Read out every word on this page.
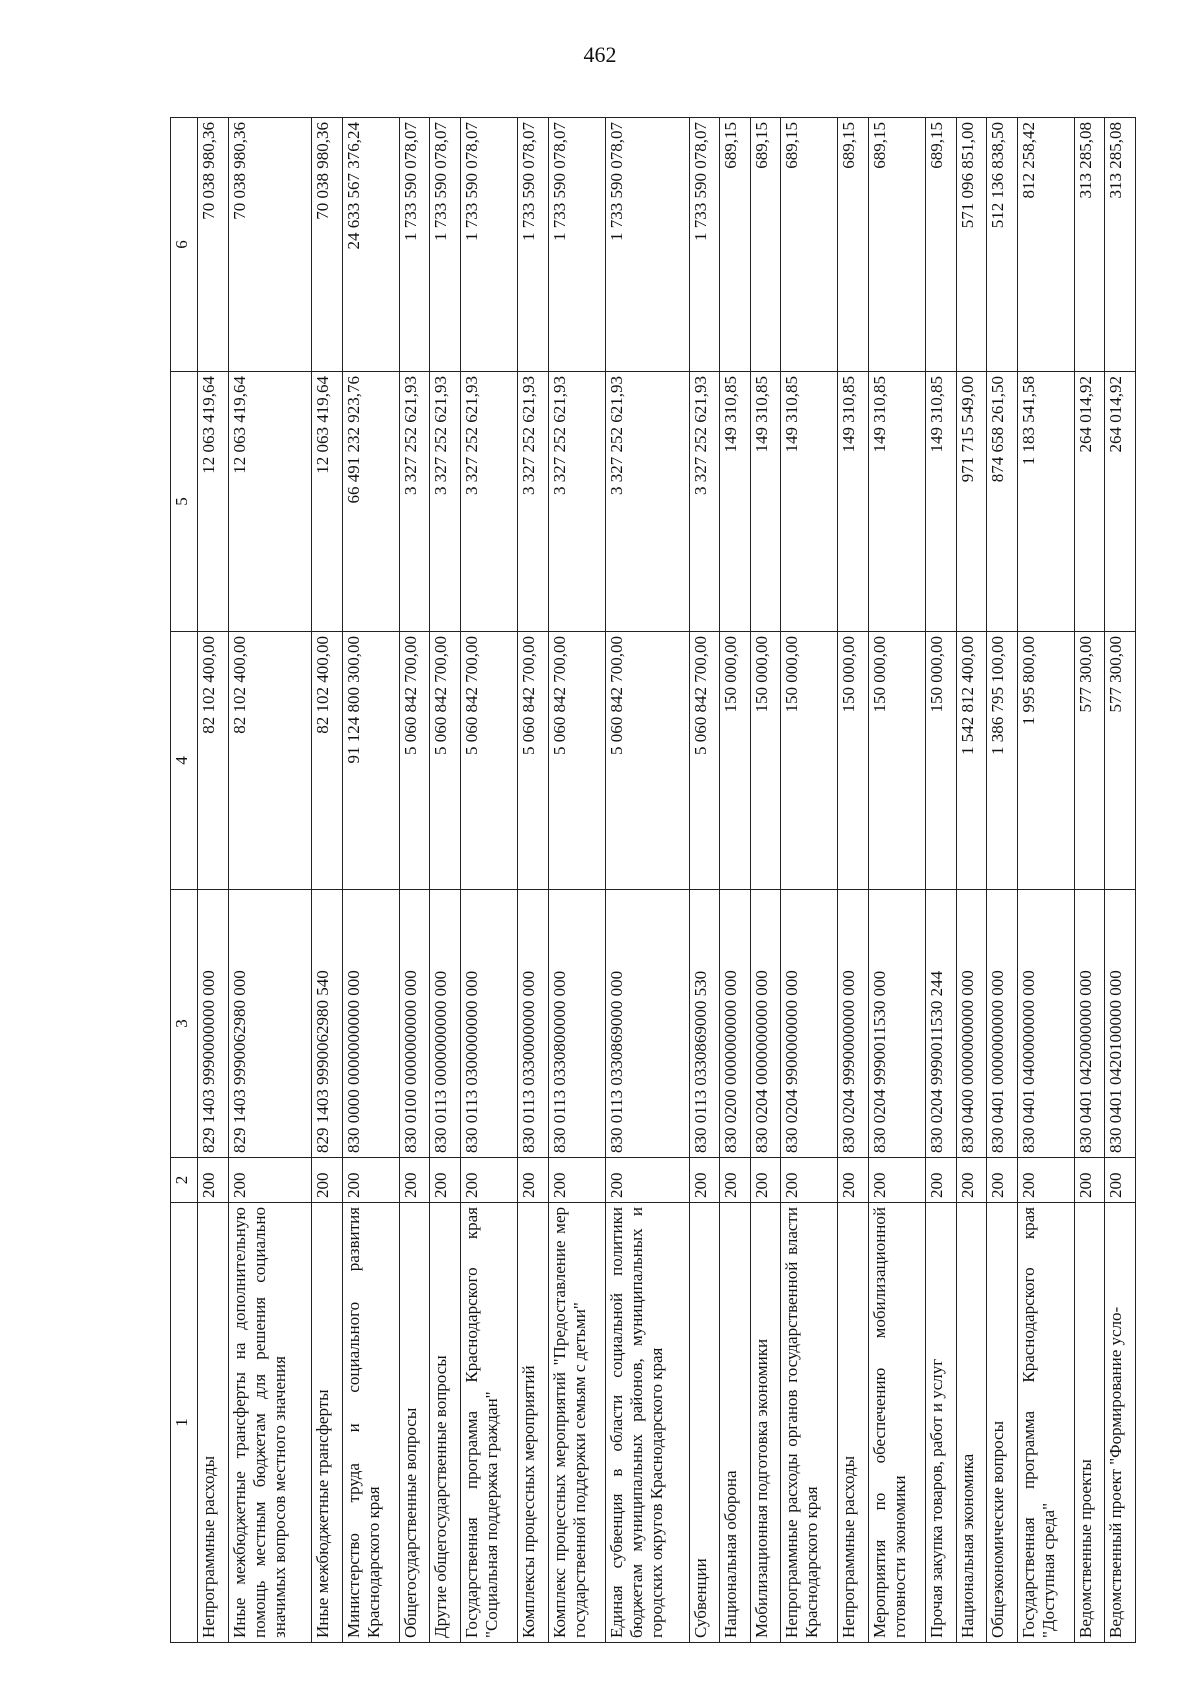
462
1	2	3	4	5	6
Непрограммные расходы	200	829 1403 9990000000 000	82 102 400,00	12 063 419,64	70 038 980,36
Иные межбюджетные трансферты на дополнительную помощь местным бюджетам для решения социально значимых вопросов местного значения	200	829 1403 9990062980 000	82 102 400,00	12 063 419,64	70 038 980,36
Иные межбюджетные трансферты	200	829 1403 9990062980 540	82 102 400,00	12 063 419,64	70 038 980,36
Министерство труда и социального развития Краснодарского края	200	830 0000 0000000000 000	91 124 800 300,00	66 491 232 923,76	24 633 567 376,24
Общегосударственные вопросы	200	830 0100 0000000000 000	5 060 842 700,00	3 327 252 621,93	1 733 590 078,07
Другие общегосударственные вопросы	200	830 0113 0000000000 000	5 060 842 700,00	3 327 252 621,93	1 733 590 078,07
Государственная программа Краснодарского края "Социальная поддержка граждан"	200	830 0113 0300000000 000	5 060 842 700,00	3 327 252 621,93	1 733 590 078,07
Комплексы процессных мероприятий	200	830 0113 0330000000 000	5 060 842 700,00	3 327 252 621,93	1 733 590 078,07
Комплекс процессных мероприятий "Предоставление мер государственной поддержки семьям с детьми"	200	830 0113 0330800000 000	5 060 842 700,00	3 327 252 621,93	1 733 590 078,07
Единая субвенция в области социальной политики бюджетам муниципальных районов, муниципальных и городских округов Краснодарского края	200	830 0113 0330869000 000	5 060 842 700,00	3 327 252 621,93	1 733 590 078,07
Субвенции	200	830 0113 0330869000 530	5 060 842 700,00	3 327 252 621,93	1 733 590 078,07
Национальная оборона	200	830 0200 0000000000 000	150 000,00	149 310,85	689,15
Мобилизационная подготовка экономики	200	830 0204 0000000000 000	150 000,00	149 310,85	689,15
Непрограммные расходы органов государственной власти Краснодарского края	200	830 0204 9900000000 000	150 000,00	149 310,85	689,15
Непрограммные расходы	200	830 0204 9990000000 000	150 000,00	149 310,85	689,15
Мероприятия по обеспечению мобилизационной готовности экономики	200	830 0204 9990011530 000	150 000,00	149 310,85	689,15
Прочая закупка товаров, работ и услуг	200	830 0204 9990011530 244	150 000,00	149 310,85	689,15
Национальная экономика	200	830 0400 0000000000 000	1 542 812 400,00	971 715 549,00	571 096 851,00
Общеэкономические вопросы	200	830 0401 0000000000 000	1 386 795 100,00	874 658 261,50	512 136 838,50
Государственная программа Краснодарского края "Доступная среда"	200	830 0401 0400000000 000	1 995 800,00	1 183 541,58	812 258,42
Ведомственные проекты	200	830 0401 0420000000 000	577 300,00	264 014,92	313 285,08
Ведомственный проект "Формирование усло-	200	830 0401 0420100000 000	577 300,00	264 014,92	313 285,08
